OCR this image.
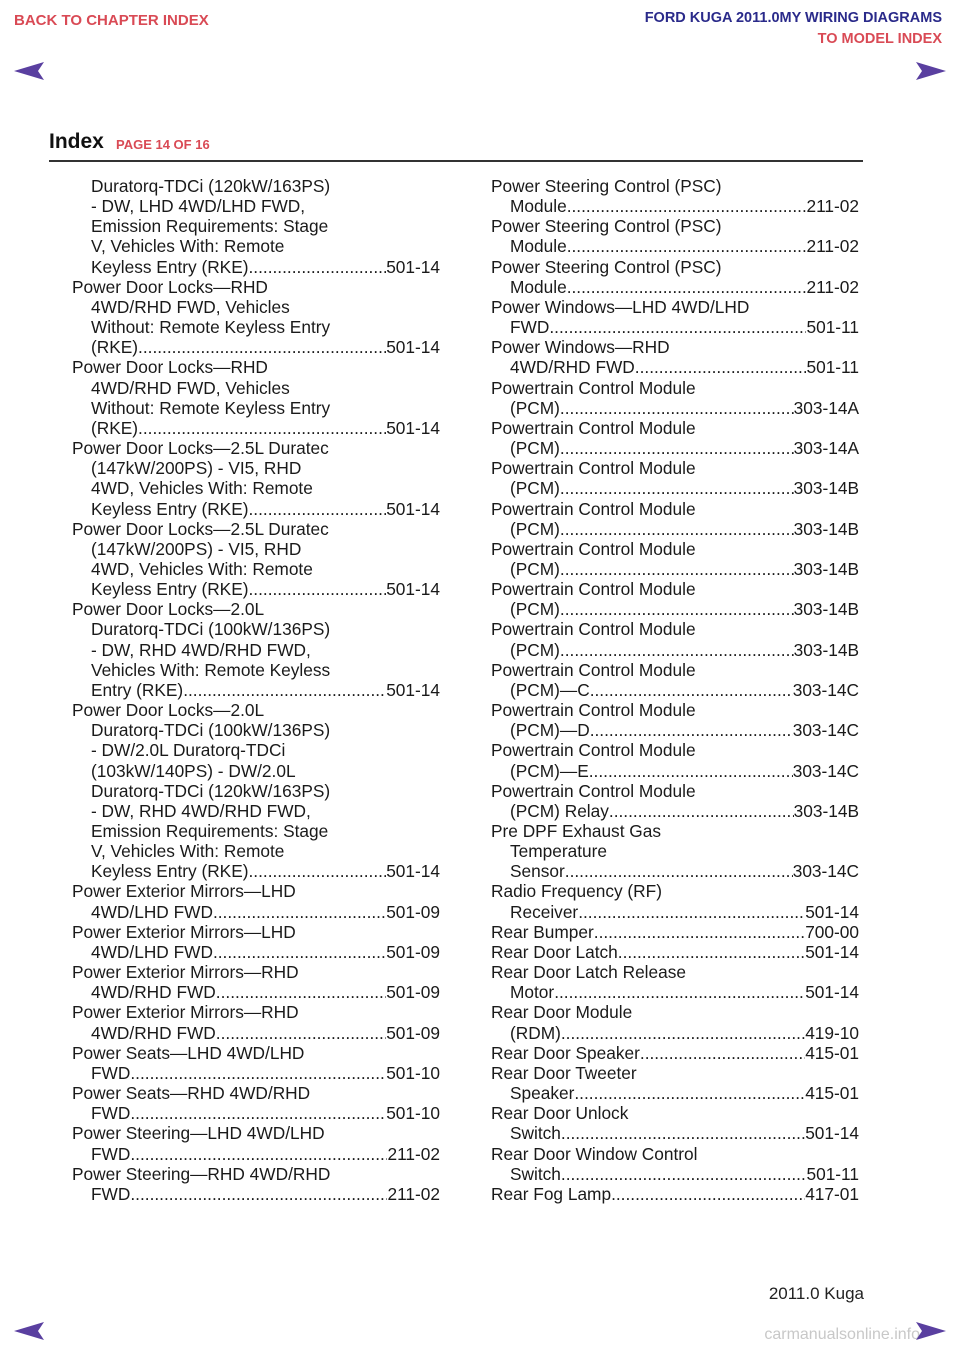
BACK TO CHAPTER INDEX	FORD KUGA 2011.0MY WIRING DIAGRAMS
TO MODEL INDEX
Index PAGE 14 OF 16
Duratorq-TDCi (120kW/163PS)
- DW, LHD 4WD/LHD FWD,
Emission Requirements: Stage
V, Vehicles With: Remote
Keyless Entry (RKE) .....	501-14
Power Door Locks—RHD
4WD/RHD FWD, Vehicles
Without: Remote Keyless Entry
(RKE) .....	501-14
Power Door Locks—RHD
4WD/RHD FWD, Vehicles
Without: Remote Keyless Entry
(RKE) .....	501-14
Power Door Locks—2.5L Duratec
(147kW/200PS) - VI5, RHD
4WD, Vehicles With: Remote
Keyless Entry (RKE) .....	501-14
Power Door Locks—2.5L Duratec
(147kW/200PS) - VI5, RHD
4WD, Vehicles With: Remote
Keyless Entry (RKE) .....	501-14
Power Door Locks—2.0L
Duratorq-TDCi (100kW/136PS)
- DW, RHD 4WD/RHD FWD,
Vehicles With: Remote Keyless
Entry (RKE) .....	501-14
Power Door Locks—2.0L
Duratorq-TDCi (100kW/136PS)
- DW/2.0L Duratorq-TDCi
(103kW/140PS) - DW/2.0L
Duratorq-TDCi (120kW/163PS)
- DW, RHD 4WD/RHD FWD,
Emission Requirements: Stage
V, Vehicles With: Remote
Keyless Entry (RKE) .....	501-14
Power Exterior Mirrors—LHD
4WD/LHD FWD .....	501-09
Power Exterior Mirrors—LHD
4WD/LHD FWD .....	501-09
Power Exterior Mirrors—RHD
4WD/RHD FWD .....	501-09
Power Exterior Mirrors—RHD
4WD/RHD FWD .....	501-09
Power Seats—LHD 4WD/LHD
FWD .....	501-10
Power Seats—RHD 4WD/RHD
FWD .....	501-10
Power Steering—LHD 4WD/LHD
FWD .....	211-02
Power Steering—RHD 4WD/RHD
FWD .....	211-02
Power Steering Control (PSC)
Module .....	211-02
Power Steering Control (PSC)
Module .....	211-02
Power Steering Control (PSC)
Module .....	211-02
Power Windows—LHD 4WD/LHD
FWD .....	501-11
Power Windows—RHD
4WD/RHD FWD .....	501-11
Powertrain Control Module
(PCM) .....	303-14A
Powertrain Control Module
(PCM) .....	303-14A
Powertrain Control Module
(PCM) .....	303-14B
Powertrain Control Module
(PCM) .....	303-14B
Powertrain Control Module
(PCM) .....	303-14B
Powertrain Control Module
(PCM) .....	303-14B
Powertrain Control Module
(PCM) .....	303-14B
Powertrain Control Module
(PCM)—C .....	303-14C
Powertrain Control Module
(PCM)—D .....	303-14C
Powertrain Control Module
(PCM)—E .....	303-14C
Powertrain Control Module
(PCM) Relay .....	303-14B
Pre DPF Exhaust Gas
Temperature
Sensor .....	303-14C
Radio Frequency (RF)
Receiver .....	501-14
Rear Bumper .....	700-00
Rear Door Latch .....	501-14
Rear Door Latch Release
Motor .....	501-14
Rear Door Module
(RDM) .....	419-10
Rear Door Speaker .....	415-01
Rear Door Tweeter
Speaker .....	415-01
Rear Door Unlock
Switch .....	501-14
Rear Door Window Control
Switch .....	501-11
Rear Fog Lamp .....	417-01
2011.0 Kuga
carmanualsonline.info
